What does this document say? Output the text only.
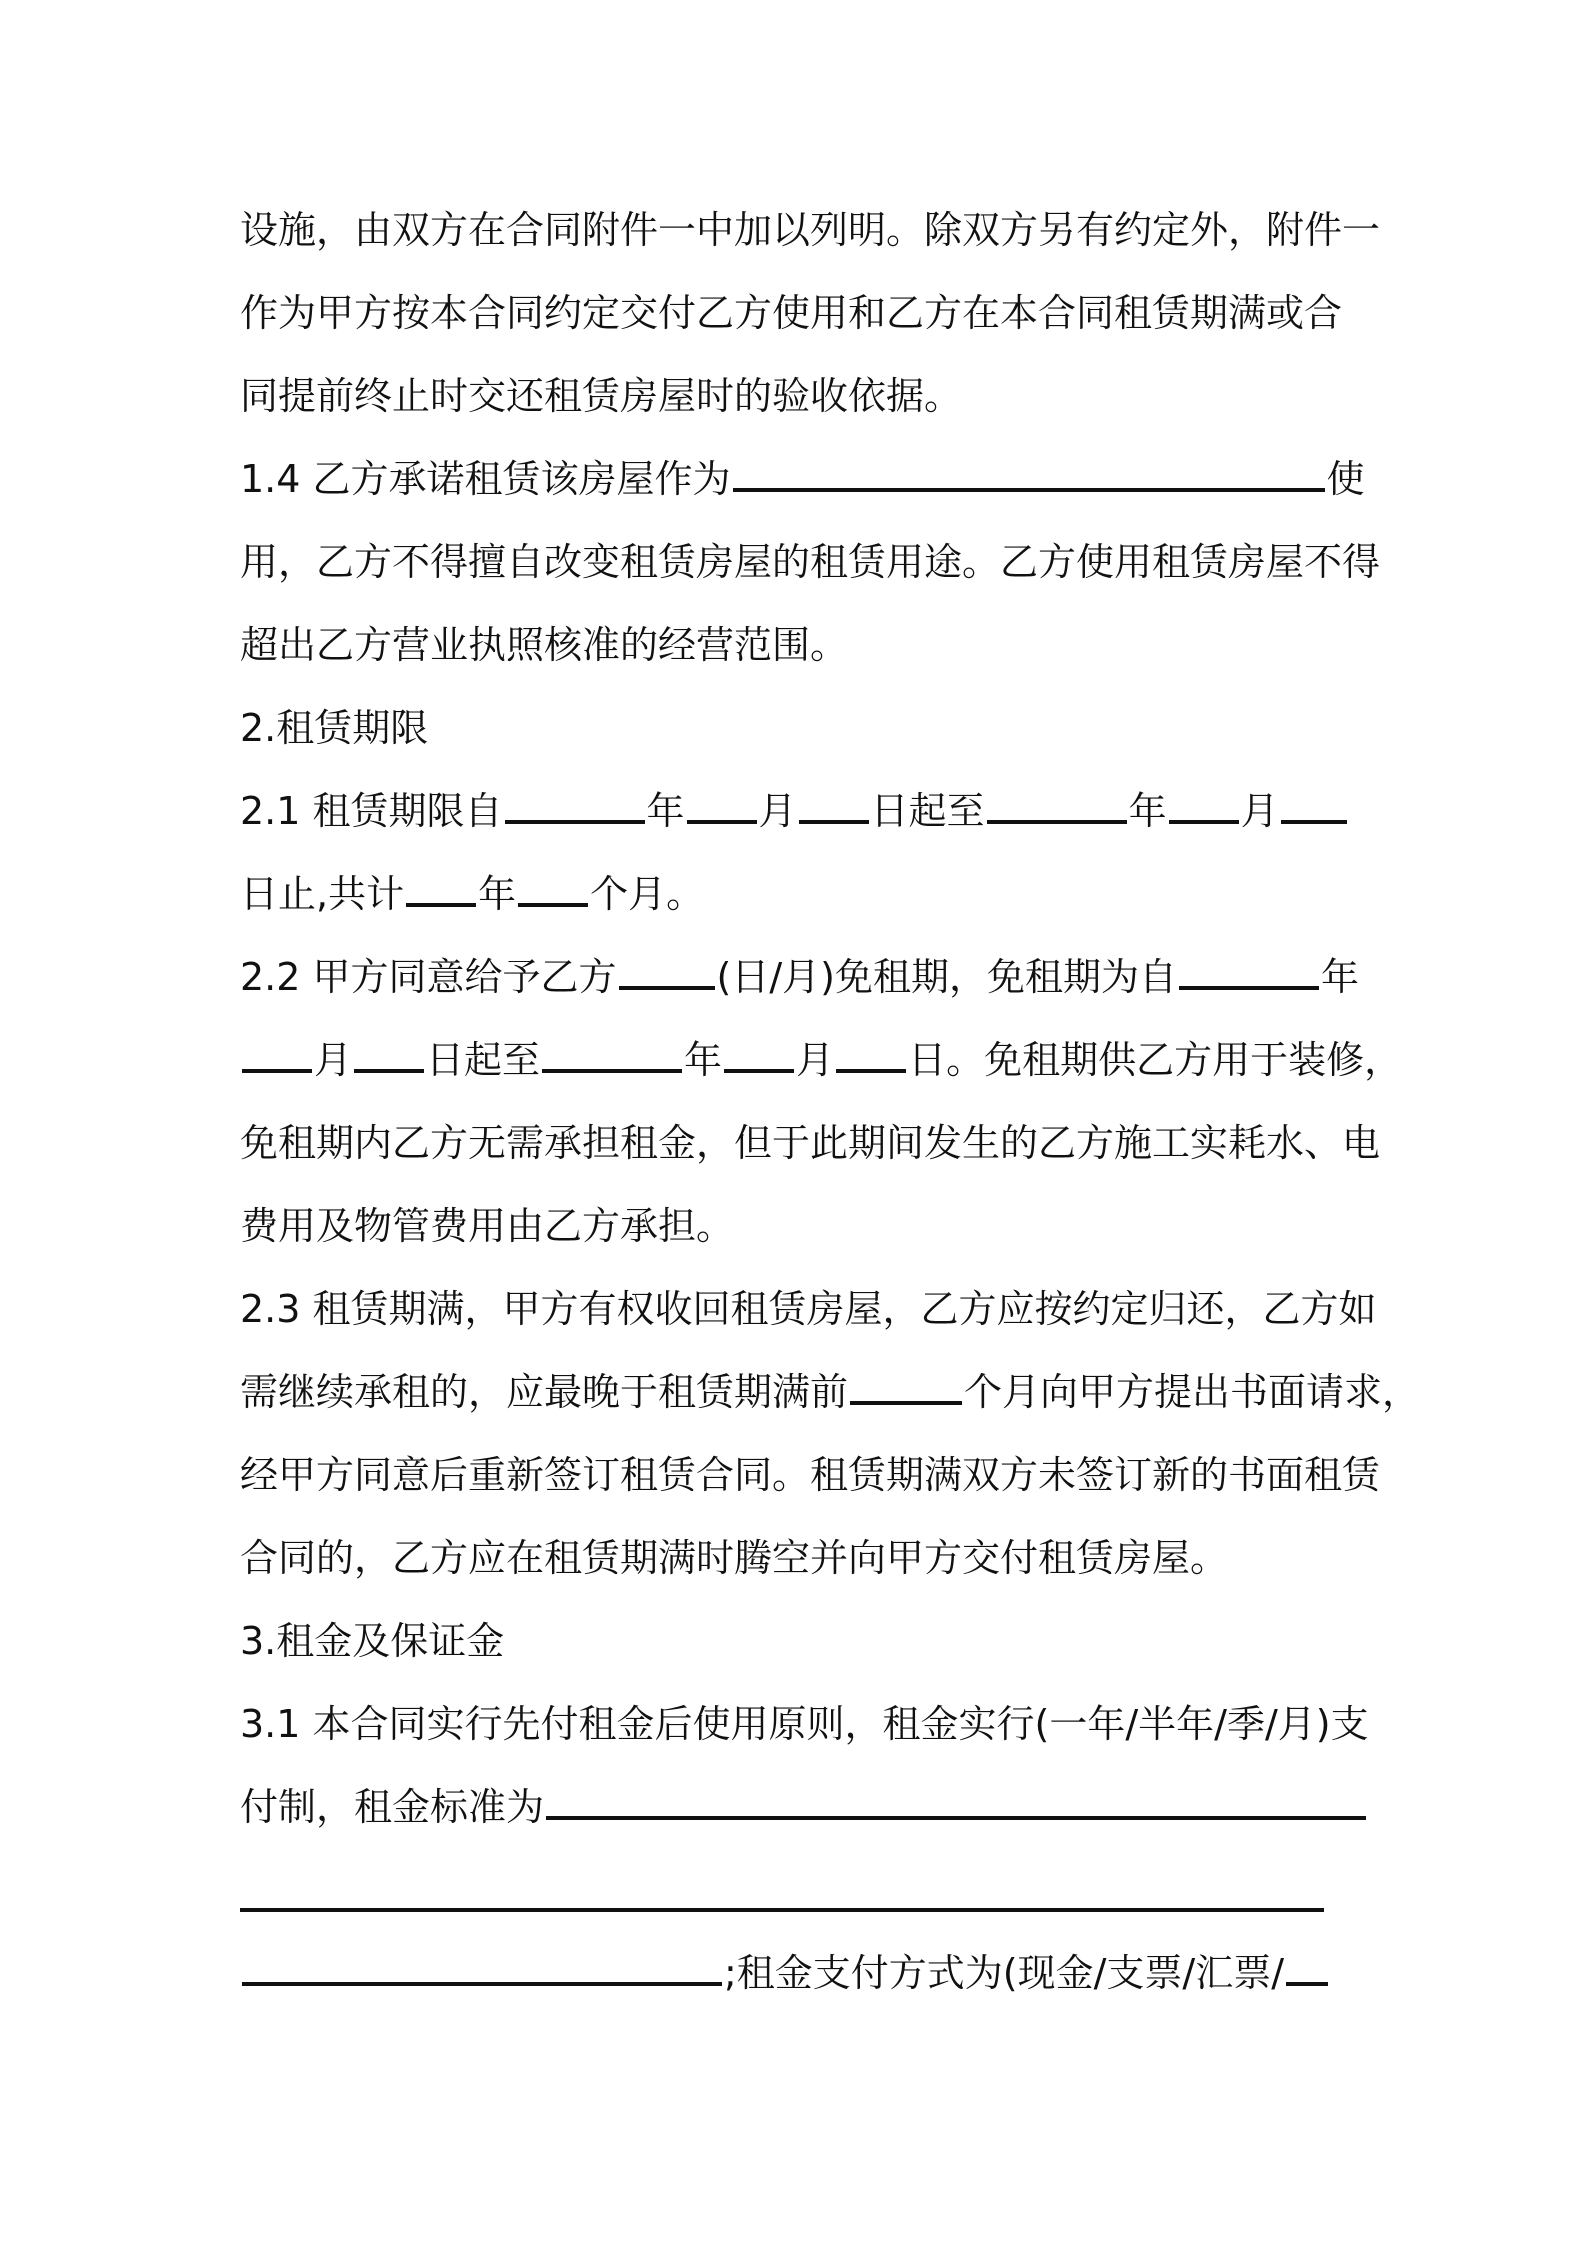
设施，由双方在合同附件一中加以列明。除双方另有约定外，附件一
作为甲方按本合同约定交付乙方使用和乙方在本合同租赁期满或合
同提前终止时交还租赁房屋时的验收依据。
1.4 乙方承诺租赁该房屋作为	使
用，乙方不得擅自改变租赁房屋的租赁用途。乙方使用租赁房屋不得
超出乙方营业执照核准的经营范围。
2.租赁期限
2.1 租赁期限自	年 月 日起至	年 月
日止,共计 年 个月。
2.2 甲方同意给予乙方	(日/月)免租期，免租期为自	年
月 日起至	年 月 日。免租期供乙方用于装修，
免租期内乙方无需承担租金，但于此期间发生的乙方施工实耗水、电
费用及物管费用由乙方承担。
2.3 租赁期满，甲方有权收回租赁房屋，乙方应按约定归还，乙方如
需继续承租的，应最晚于租赁期满前	个月向甲方提出书面请求，
经甲方同意后重新签订租赁合同。租赁期满双方未签订新的书面租赁
合同的，乙方应在租赁期满时腾空并向甲方交付租赁房屋。
3.租金及保证金
3.1 本合同实行先付租金后使用原则，租金实行(一年/半年/季/月)支
付制，租金标准为
;租金支付方式为(现金/支票/汇票/
